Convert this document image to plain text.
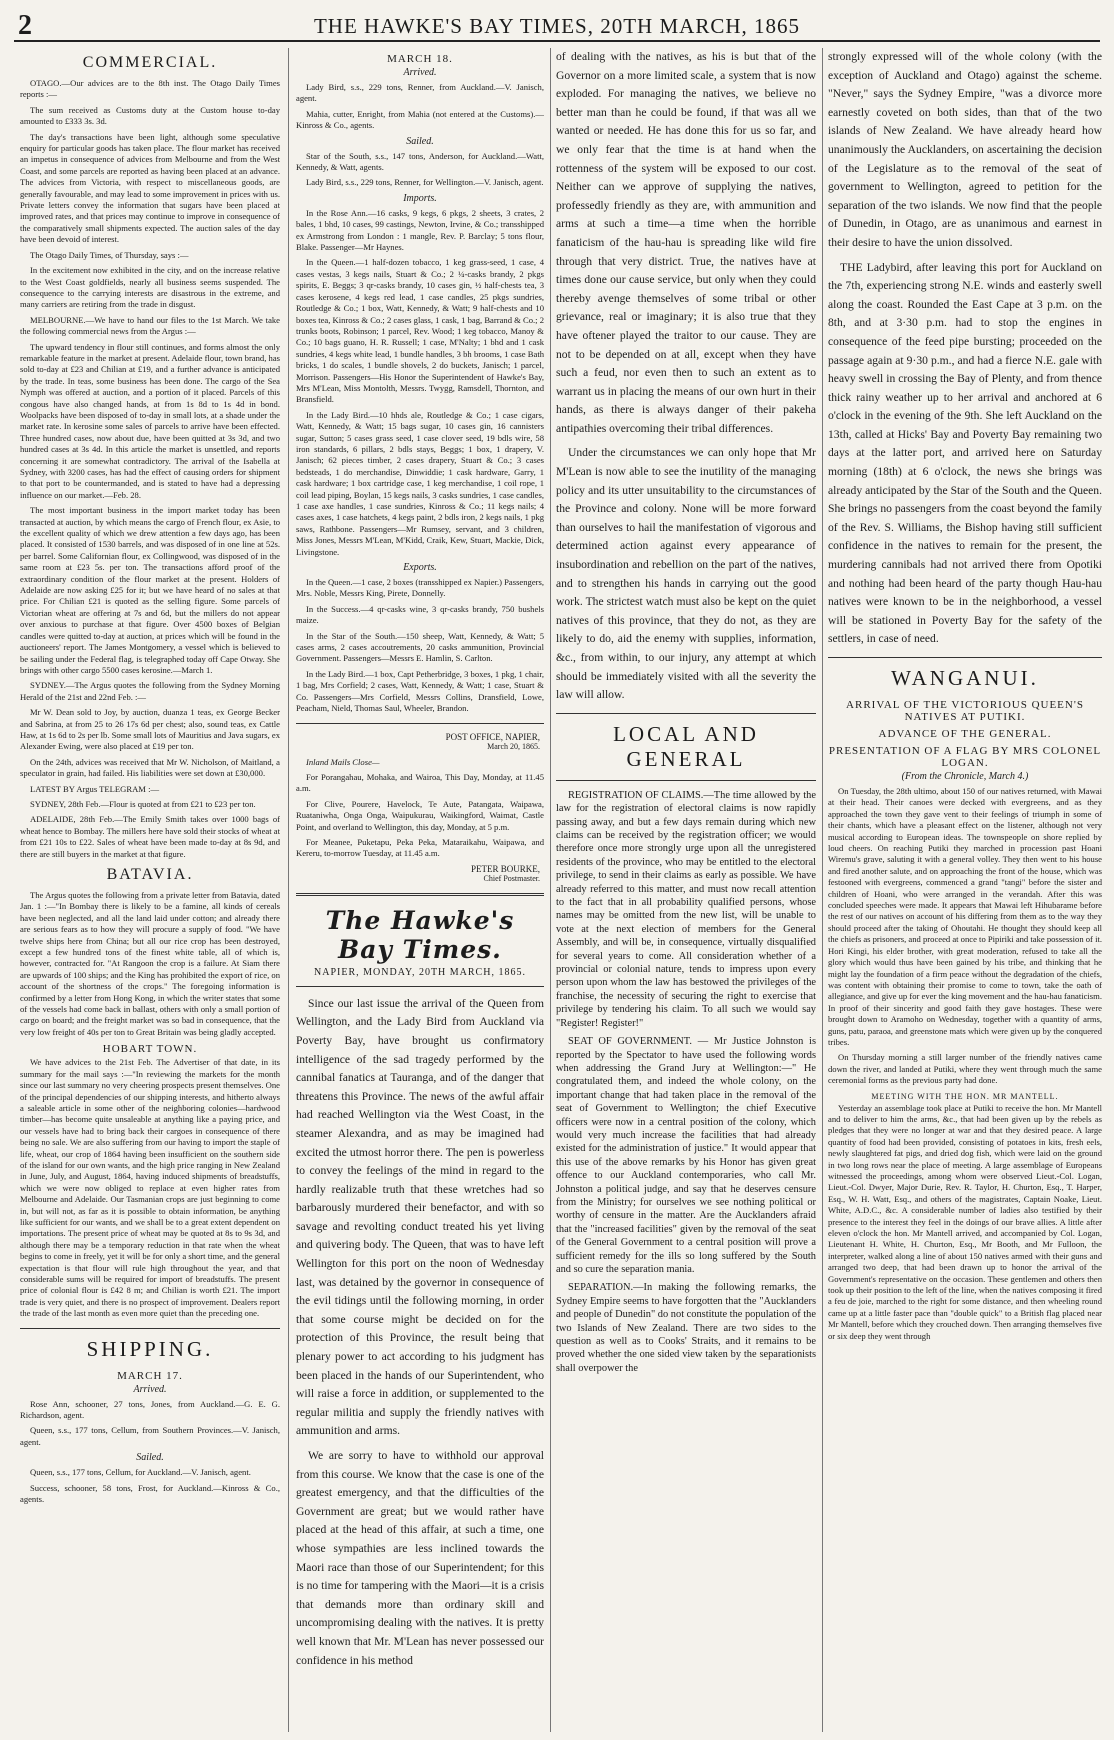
2	THE HAWKE'S BAY TIMES, 20TH MARCH, 1865
COMMERCIAL.

OTAGO.—Our advices are to the 8th inst. The Otago Daily Times reports :—

The sum received as Customs duty at the Custom house to-day amounted to £333 3s. 3d.

The day's transactions have been light, although some speculative enquiry for particular goods has taken place. The flour market has received an impetus in consequence of advices from Melbourne and from the West Coast, and some parcels are reported as having been placed at an advance. The advices from Victoria, with respect to miscellaneous goods, are generally favourable, and may lead to some improvement in prices with us. Private letters convey the information that sugars have been placed at improved rates, and that prices may continue to improve in consequence of the comparatively small shipments expected. The auction sales of the day have been devoid of interest.

The Otago Daily Times, of Thursday, says :—

In the excitement now exhibited in the city, and on the increase relative to the West Coast goldfields, nearly all business seems suspended. The consequence to the carrying interests are disastrous in the extreme, and many carriers are retiring from the trade in disgust.

MELBOURNE.—We have to hand our files to the 1st March. We take the following commercial news from the Argus :—

The upward tendency in flour still continues, and forms almost the only remarkable feature in the market at present. Adelaide flour, town brand, has sold to-day at £23 and Chilian at £19, and a further advance is anticipated by the trade. In teas, some business has been done. The cargo of the Sea Nymph was offered at auction, and a portion of it placed. Parcels of this congous have also changed hands, at from 1s 8d to 1s 4d in bond. Woolpacks have been disposed of to-day in small lots, at a shade under the market rate. In kerosine some sales of parcels to arrive have been effected. Three hundred cases, now about due, have been quitted at 3s 3d, and two hundred cases at 3s 4d. In this article the market is unsettled, and reports concerning it are somewhat contradictory. The arrival of the Isabella at Sydney, with 3200 cases, has had the effect of causing orders for shipment to that port to be countermanded, and is stated to have had a depressing influence on our market.—Feb. 28.

The most important business in the import market today has been transacted at auction, by which means the cargo of French flour, ex Asie, to the excellent quality of which we drew attention a few days ago, has been placed. It consisted of 1530 barrels, and was disposed of in one line at 52s. per barrel. Some Californian flour, ex Collingwood, was disposed of in the same room at £23 5s. per ton. The transactions afford proof of the extraordinary condition of the flour market at the present. Holders of Adelaide are now asking £25 for it; but we have heard of no sales at that price. For Chilian £21 is quoted as the selling figure. Some parcels of Victorian wheat are offering at 7s and 6d, but the millers do not appear over anxious to purchase at that figure. Over 4500 boxes of Belgian candles were quitted to-day at auction, at prices which will be found in the auctioneers' report. The James Montgomery, a vessel which is believed to be sailing under the Federal flag, is telegraphed today off Cape Otway. She brings with other cargo 5500 cases kerosine.—March 1.

SYDNEY.—The Argus quotes the following from the Sydney Morning Herald of the 21st and 22nd Feb. :—

Mr W. Dean sold to Joy, by auction, duanza 1 teas, ex George Becker and Sabrina, at from 25 to 26 17s 6d per chest; also, sound teas, ex Cattle Haw, at 1s 6d to 2s per lb. Some small lots of Mauritius and Java sugars, ex Alexander Ewing, were also placed at £19 per ton.

On the 24th, advices was received that Mr W. Nicholson, of Maitland, a speculator in grain, had failed. His liabilities were set down at £30,000.

LATEST BY Argus TELEGRAM :—

SYDNEY, 28th Feb.—Flour is quoted at from £21 to £23 per ton.

ADELAIDE, 28th Feb.—The Emily Smith takes over 1000 bags of wheat hence to Bombay. The millers here have sold their stocks of wheat at from £21 10s to £22. Sales of wheat have been made to-day at 8s 9d, and there are still buyers in the market at that figure.

BATAVIA.

The Argus quotes the following from a private letter from Batavia, dated Jan. 1 :—"In Bombay there is likely to be a famine, all kinds of cereals have been neglected, and all the land laid under cotton; and already there are serious fears as to how they will procure a supply of food. "We have twelve ships here from China; but all our rice crop has been destroyed, except a few hundred tons of the finest white table, all of which is, however, contracted for. "At Rangoon the crop is a failure. At Siam there are upwards of 100 ships; and the King has prohibited the export of rice, on account of the shortness of the crops." The foregoing information is confirmed by a letter from Hong Kong, in which the writer states that some of the vessels had come back in ballast, others with only a small portion of cargo on board; and the freight market was so bad in consequence, that the very low freight of 40s per ton to Great Britain was being gladly accepted.

HOBART TOWN.

We have advices to the 21st Feb. The Advertiser of that date, in its summary for the mail says :—"In reviewing the markets for the month since our last summary no very cheering prospects present themselves. One of the principal dependencies of our shipping interests, and hitherto always a saleable article in some other of the neighboring colonies—hardwood timber—has become quite unsaleable at anything like a paying price, and our vessels have had to bring back their cargoes in consequence of there being no sale. We are also suffering from our having to import the staple of life, wheat, our crop of 1864 having been insufficient on the southern side of the island for our own wants, and the high price ranging in New Zealand in June, July, and August, 1864, having induced shipments of breadstuffs, which we were now obliged to replace at even higher rates from Melbourne and Adelaide. Our Tasmanian crops are just beginning to come in, but will not, as far as it is possible to obtain information, be anything like sufficient for our wants, and we shall be to a great extent dependent on importations. The present price of wheat may be quoted at 8s to 9s 3d, and although there may be a temporary reduction in that rate when the wheat begins to come in freely, yet it will be for only a short time, and the general expectation is that flour will rule high throughout the year, and that considerable sums will be required for import of breadstuffs. The present price of colonial flour is £42 8 m; and Chilian is worth £21. The import trade is very quiet, and there is no prospect of improvement. Dealers report the trade of the last month as even more quiet than the preceding one.

SHIPPING.
MARCH 17.
Arrived.

Rose Ann, schooner, 27 tons, Jones, from Auckland.—G. E. G. Richardson, agent.

Queen, s.s., 177 tons, Cellum, from Southern Provinces.—V. Janisch, agent.

Sailed.

Queen, s.s., 177 tons, Cellum, for Auckland.—V. Janisch, agent.

Success, schooner, 58 tons, Frost, for Auckland.—Kinross & Co., agents.

MARCH 18.
Arrived.

Lady Bird, s.s., 229 tons, Renner, from Auckland.—V. Janisch, agent.

Mahia, cutter, Enright, from Mahia (not entered at the Customs).—Kinross & Co., agents.

Sailed.

Star of the South, s.s., 147 tons, Anderson, for Auckland.—Watt, Kennedy, & Watt, agents.

Lady Bird, s.s., 229 tons, Renner, for Wellington.—V. Janisch, agent.

Imports.

In the Rose Ann.—16 casks, 9 kegs, 6 pkgs, 2 sheets, 3 crates, 2 bales, 1 bhd, 10 cases, 99 castings, Newton, Irvine, & Co.; transshipped ex Armstrong from London : 1 mangle, Rev. P. Barclay; 5 tons flour, Blake. Passenger—Mr Haynes.

In the Queen.—1 half-dozen tobacco, 1 keg grass-seed, 1 case, 4 cases vestas, 3 kegs nails, Stuart & Co.; 2 ¼-casks brandy, 2 pkgs spirits, E. Beggs; 3 qr-casks brandy, 10 cases gin, ½ half-chests tea, 3 cases kerosene, 4 kegs red lead, 1 case candles, 25 pkgs sundries, Routledge & Co.; 1 box, Watt, Kennedy, & Watt; 9 half-chests and 10 boxes tea, Kinross & Co.; 2 cases glass, 1 cask, 1 bag, Barrand & Co.; 2 trunks boots, Robinson; 1 parcel, Rev. Wood; 1 keg tobacco, Manoy & Co.; 10 bags guano, H. R. Russell; 1 case, M'Nalty; 1 bhd and 1 cask sundries, 4 kegs white lead, 1 bundle handles, 3 bh brooms, 1 case Bath bricks, 1 do scales, 1 bundle shovels, 2 do buckets, Janisch; 1 parcel, Morrison. Passengers—His Honor the Superintendent of Hawke's Bay, Mrs M'Lean, Miss Montolth, Messrs. Twygg, Ramsdell, Thornton, and Bransfield.

In the Lady Bird.—10 hhds ale, Routledge & Co.; 1 case cigars, Watt, Kennedy, & Watt; 15 bags sugar, 10 cases gin, 16 cannisters sugar, Sutton; 5 cases grass seed, 1 case clover seed, 19 bdls wire, 58 iron standards, 6 pillars, 2 bdls stays, Beggs; 1 box, 1 drapery, V. Janisch; 62 pieces timber, 2 cases drapery, Stuart & Co.; 3 cases bedsteads, 1 do merchandise, Dinwiddie; 1 cask hardware, Garry, 1 cask hardware; 1 box cartridge case, 1 keg merchandise, 1 coil rope, 1 coil lead piping, Boylan, 15 kegs nails, 3 casks sundries, 1 case candles, 1 case axe handles, 1 case sundries, Kinross & Co.; 11 kegs nails; 4 cases axes, 1 case hatchets, 4 kegs paint, 2 bdls iron, 2 kegs nails, 1 pkg saws, Rathbone. Passengers—Mr Rumsey, servant, and 3 children, Miss Jones, Messrs M'Lean, M'Kidd, Craik, Kew, Stuart, Mackie, Dick, Livingstone.

Exports.

In the Queen.—1 case, 2 boxes (transshipped ex Napier.) Passengers, Mrs. Noble, Messrs King, Pirete, Donnelly.

In the Success.—4 qr-casks wine, 3 qr-casks brandy, 750 bushels maize.

In the Star of the South.—150 sheep, Watt, Kennedy, & Watt; 5 cases arms, 2 cases accoutrements, 20 casks ammunition, Provincial Government. Passengers—Messrs E. Hamlin, S. Carlton.

In the Lady Bird.—1 box, Capt Petherbridge, 3 boxes, 1 pkg, 1 chair, 1 bag, Mrs Corfield; 2 cases, Watt, Kennedy, & Watt; 1 case, Stuart & Co. Passengers—Mrs Corfield, Messrs Collins, Dransfield, Lowe, Peacham, Nield, Thomas Saul, Wheeler, Brandon.

POST OFFICE, NAPIER,
March 20, 1865.

Inland Mails Close—

For Porangahau, Mohaka, and Wairoa, This Day, Monday, at 11.45 a.m.

For Clive, Pourere, Havelock, Te Aute, Patangata, Waipawa, Ruataniwha, Onga Onga, Waipukurau, Waikingford, Waimat, Castle Point, and overland to Wellington, this day, Monday, at 5 p.m.

For Meanee, Puketapu, Peka Peka, Mataraikahu, Waipawa, and Kereru, to-morrow Tuesday, at 11.45 a.m.

PETER BOURKE,
Chief Postmaster.
The Hawke's Bay Times.
NAPIER, MONDAY, 20TH MARCH, 1865.

Since our last issue the arrival of the Queen from Wellington, and the Lady Bird from Auckland via Poverty Bay, have brought us confirmatory intelligence of the sad tragedy performed by the cannibal fanatics at Tauranga, and of the danger that threatens this Province. The news of the awful affair had reached Wellington via the West Coast, in the steamer Alexandra, and as may be imagined had excited the utmost horror there. The pen is powerless to convey the feelings of the mind in regard to the hardly realizable truth that these wretches had so barbarously murdered their benefactor, and with so savage and revolting conduct treated his yet living and quivering body. The Queen, that was to have left Wellington for this port on the noon of Wednesday last, was detained by the governor in consequence of the evil tidings until the following morning, in order that some course might be decided on for the protection of this Province, the result being that plenary power to act according to his judgment has been placed in the hands of our Superintendent, who will raise a force in addition, or supplemented to the regular militia and supply the friendly natives with ammunition and arms.

We are sorry to have to withhold our approval from this course. We know that the case is one of the greatest emergency, and that the difficulties of the Government are great; but we would rather have placed at the head of this affair, at such a time, one whose sympathies are less inclined towards the Maori race than those of our Superintendent; for this is no time for tampering with the Maori—it is a crisis that demands more than ordinary skill and uncompromising dealing with the natives. It is pretty well known that Mr. M'Lean has never possessed our confidence in his method

of dealing with the natives, as his is but that of the Governor on a more limited scale, a system that is now exploded. For managing the natives, we believe no better man than he could be found, if that was all we wanted or needed. He has done this for us so far, and we only fear that the time is at hand when the rottenness of the system will be exposed to our cost. Neither can we approve of supplying the natives, professedly friendly as they are, with ammunition and arms at such a time—a time when the horrible fanaticism of the hau-hau is spreading like wild fire through that very district. True, the natives have at times done our cause service, but only when they could thereby avenge themselves of some tribal or other grievance, real or imaginary; it is also true that they have oftener played the traitor to our cause. They are not to be depended on at all, except when they have such a feud, nor even then to such an extent as to warrant us in placing the means of our own hurt in their hands, as there is always danger of their pakeha antipathies overcoming their tribal differences.

Under the circumstances we can only hope that Mr M'Lean is now able to see the inutility of the managing policy and its utter unsuitability to the circumstances of the Province and colony. None will be more forward than ourselves to hail the manifestation of vigorous and determined action against every appearance of insubordination and rebellion on the part of the natives, and to strengthen his hands in carrying out the good work. The strictest watch must also be kept on the quiet natives of this province, that they do not, as they are likely to do, aid the enemy with supplies, information, &c., from within, to our injury, any attempt at which should be immediately visited with all the severity the law will allow.

LOCAL AND GENERAL

REGISTRATION OF CLAIMS.—The time allowed by the law for the registration of electoral claims is now rapidly passing away, and but a few days remain during which new claims can be received by the registration officer; we would therefore once more strongly urge upon all the unregistered residents of the province, who may be entitled to the electoral privilege, to send in their claims as early as possible. We have already referred to this matter, and must now recall attention to the fact that in all probability qualified persons, whose names may be omitted from the new list, will be unable to vote at the next election of members for the General Assembly, and will be, in consequence, virtually disqualified for several years to come. All consideration whether of a provincial or colonial nature, tends to impress upon every person upon whom the law has bestowed the privileges of the franchise, the necessity of securing the right to exercise that privilege by tendering his claim. To all such we would say "Register! Register!"

SEAT OF GOVERNMENT. — Mr Justice Johnston is reported by the Spectator to have used the following words when addressing the Grand Jury at Wellington:—" He congratulated them, and indeed the whole colony, on the important change that had taken place in the removal of the seat of Government to Wellington; the chief Executive officers were now in a central position of the colony, which would very much increase the facilities that had already existed for the administration of justice." It would appear that this use of the above remarks by his Honor has given great offence to our Auckland contemporaries, who call Mr. Johnston a political judge, and say that he deserves censure from the Ministry; for ourselves we see nothing political or worthy of censure in the matter. Are the Aucklanders afraid that the "increased facilities" given by the removal of the seat of the General Government to a central position will prove a sufficient remedy for the ills so long suffered by the South and so cure the separation mania.

SEPARATION.—In making the following remarks, the Sydney Empire seems to have forgotten that the "Aucklanders and people of Dunedin" do not constitute the population of the two Islands of New Zealand. There are two sides to the question as well as to Cooks' Straits, and it remains to be proved whether the one sided view taken by the separationists shall overpower the

strongly expressed will of the whole colony (with the exception of Auckland and Otago) against the scheme. "Never," says the Sydney Empire, "was a divorce more earnestly coveted on both sides, than that of the two islands of New Zealand. We have already heard how unanimously the Aucklanders, on ascertaining the decision of the Legislature as to the removal of the seat of government to Wellington, agreed to petition for the separation of the two islands. We now find that the people of Dunedin, in Otago, are as unanimous and earnest in their desire to have the union dissolved.

THE Ladybird, after leaving this port for Auckland on the 7th, experiencing strong N.E. winds and easterly swell along the coast. Rounded the East Cape at 3 p.m. on the 8th, and at 3·30 p.m. had to stop the engines in consequence of the feed pipe bursting; proceeded on the passage again at 9·30 p.m., and had a fierce N.E. gale with heavy swell in crossing the Bay of Plenty, and from thence thick rainy weather up to her arrival and anchored at 6 o'clock in the evening of the 9th. She left Auckland on the 13th, called at Hicks' Bay and Poverty Bay remaining two days at the latter port, and arrived here on Saturday morning (18th) at 6 o'clock, the news she brings was already anticipated by the Star of the South and the Queen. She brings no passengers from the coast beyond the family of the Rev. S. Williams, the Bishop having still sufficient confidence in the natives to remain for the present, the murdering cannibals had not arrived there from Opotiki and nothing had been heard of the party though Hau-hau natives were known to be in the neighborhood, a vessel will be stationed in Poverty Bay for the safety of the settlers, in case of need.

WANGANUI.
ARRIVAL OF THE VICTORIOUS QUEEN'S NATIVES AT PUTIKI.
ADVANCE OF THE GENERAL.
PRESENTATION OF A FLAG BY MRS COLONEL LOGAN.
(From the Chronicle, March 4.)

On Tuesday, the 28th ultimo, about 150 of our natives returned, with Mawai at their head. Their canoes were decked with evergreens, and as they approached the town they gave vent to their feelings of triumph in some of their chants, which have a pleasant effect on the listener, although not very musical according to European ideas. The townspeople on shore replied by loud cheers. On reaching Putiki they marched in procession past Hoani Wiremu's grave, saluting it with a general volley. They then went to his house and fired another salute, and on approaching the front of the house, which was festooned with evergreens, commenced a grand "tangi" before the sister and children of Hoani, who were arranged in the verandah. After this was concluded speeches were made. It appears that Mawai left Hihubarame before the rest of our natives on account of his differing from them as to the way they should proceed after the taking of Ohoutahi. He thought they should keep all the chiefs as prisoners, and proceed at once to Pipiriki and take possession of it. Hori Kingi, his elder brother, with great moderation, refused to take all the glory which would thus have been gained by his tribe, and thinking that he might lay the foundation of a firm peace without the degradation of the chiefs, was content with obtaining their promise to come to town, take the oath of allegiance, and give up for ever the king movement and the hau-hau fanaticism. In proof of their sincerity and good faith they gave hostages. These were brought down to Aramoho on Wednesday, together with a quantity of arms, guns, patu, paraoa, and greenstone mats which were given up by the conquered tribes.

On Thursday morning a still larger number of the friendly natives came down the river, and landed at Putiki, where they went through much the same ceremonial forms as the previous party had done.

MEETING WITH THE HON. MR MANTELL.

Yesterday an assemblage took place at Putiki to receive the hon. Mr Mantell and to deliver to him the arms, &c., that had been given up by the rebels as pledges that they were no longer at war and that they desired peace. A large quantity of food had been provided, consisting of potatoes in kits, fresh eels, newly slaughtered fat pigs, and dried dog fish, which were laid on the ground in two long rows near the place of meeting. A large assemblage of Europeans witnessed the proceedings, among whom were observed Lieut.-Col. Logan, Lieut.-Col. Dwyer, Major Durie, Rev. R. Taylor, H. Churton, Esq., T. Harper, Esq., W. H. Watt, Esq., and others of the magistrates, Captain Noake, Lieut. White, A.D.C., &c. A considerable number of ladies also testified by their presence to the interest they feel in the doings of our brave allies. A little after eleven o'clock the hon. Mr Mantell arrived, and accompanied by Col. Logan, Lieutenant H. White, H. Churton, Esq., Mr Booth, and Mr Fulloon, the interpreter, walked along a line of about 150 natives armed with their guns and arranged two deep, that had been drawn up to honor the arrival of the Government's representative on the occasion. These gentlemen and others then took up their position to the left of the line, when the natives composing it fired a feu de joie, marched to the right for some distance, and then wheeling round came up at a little faster pace than "double quick" to a British flag placed near Mr Mantell, before which they crouched down. Then arranging themselves five or six deep they went through
